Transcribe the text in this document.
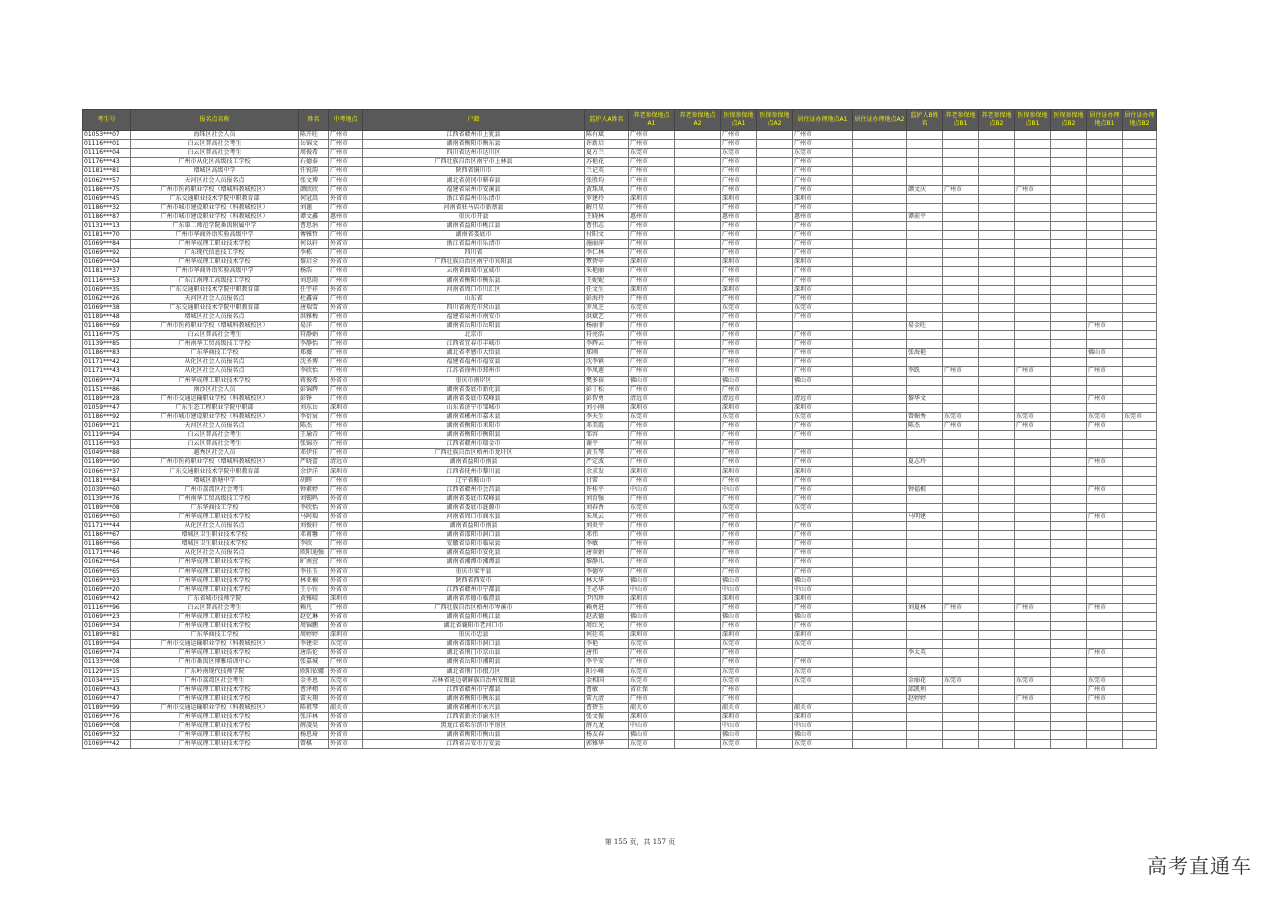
考生号	报名点名称	姓名	中考地点	户籍	监护人A姓名	养老参保地点A1	养老参保地点A2	医保参保地点A1	医保参保地点A2	居住证办理地点A1	居住证办理地点A2	监护人B姓名	养老参保地点B1	养老参保地点B2	医保参保地点B1	医保参保地点B2	居住证办理地点B1	居住证办理地点B2
01053***07	海珠区社会人员	陈开旺	广州市	江西省赣州市上犹县	陈有斌	广州市		广州市		广州市								
01116***01	白云区普高社会考生	岳锦文	广州市	湖南省衡阳市衡东县	许新启	广州市		广州市		广州市								
01116***04	白云区普高社会考生	周俊希	广州市	四川省达州市达川区	夏方兰	东莞市		东莞市		东莞市								
01176***43	广州市从化区高级技工学校	石德泰	广州市	广西壮族自治区南宁市上林县	苏艳花	广州市		广州市		广州市								
01181***81	增城区高级中学	任锐韵	广州市	陕西省铜川市	兰记英	广州市		广州市		广州市								
01062***57	天河区社会人员报名点	张文博	广州市	湖北省黄冈市蕲春县	张胜均	广州市		广州市		广州市								
01186***75	广州市医药职业学校（增城科教城校区）	颜欣欣	广州市	福建省泉州市安溪县	黄珠凤	广州市		广州市		广州市		颜文庆	广州市		广州市			
01069***45	广东交通职业技术学院中职教育部	何冠嵩	外省市	浙江省温州市乐清市	罗建玲	深圳市		深圳市		深圳市								
01186***32	广州市城市建设职业学校（科教城校区）	刘谨	广州市	河南省驻马店市新蔡县	解月星	广州市		广州市		广州市								
01186***87	广州市城市建设职业学校（科教城校区）	谭文鑫	惠州市	重庆市开县	王晓林	惠州市		惠州市		惠州市		谭前平						
01131***13	广东第二师范学院番禺附属中学	曹思涓	广州市	湖南省益阳市桃江县	曹伟志	广州市		广州市		广州市								
01181***70	广州市华商外语实验高级中学	傅雅哲	广州市	湖南省娄底市	付阳文	广州市		广州市		广州市								
01069***84	广州华成理工职业技术学校	何以轩	外省市	浙江省温州市乐清市	施丽萍	广州市		广州市		广州市								
01069***92	广东现代信息技工学校	李栋	广州市	四川省	李仁林	广州市		广州市		广州市								
01069***04	广州华成理工职业技术学校	黎启全	外省市	广西壮族自治区南宁市宾阳县	覃碧申	深圳市		深圳市		深圳市								
01181***37	广州市华商外语实验高级中学	杨浩	广州市	云南省曲靖市宣威市	朱艳丽	广州市		广州市		广州市								
01116***53	广东江南理工高级技工学校	刘思雨	广州市	湖南省衡阳市衡东县	王妮妮	广州市		广州市		广州市								
01069***35	广东交通职业技术学院中职教育部	任宇祥	外省市	河南省周口市川汇区	任文生	深圳市		深圳市		深圳市								
01062***26	天河区社会人员报名点	杜鑫睿	广州市	山东省	彭海玲	广州市		广州市		广州市								
01069***38	广东交通职业技术学院中职教育部	唐瑞雪	外省市	四川省南充市营山县	罗凤芝	东莞市		东莞市		东莞市								
01189***48	增城区社会人员报名点	洪雅梅	广州市	福建省泉州市南安市	洪斌艺	广州市		广州市		广州市								
01186***69	广州市医药职业学校（增城科教城校区）	易洋	广州市	湖南省岳阳市岳阳县	杨丽菲	广州市		广州市				易金旺					广州市	
01116***75	白云区普高社会考生	符静娟	广州市	北京市	符亮浩	广州市		广州市		广州市								
01139***85	广州南华工贸高级技工学校	李静怡	广州市	江西省宜春市丰城市	李辉云	广州市		广州市		广州市								
01186***83	广东华商技工学校	郑薇	广州市	湖北省孝感市大悟县	郑刚	广州市		广州市		广州市		张海艳					佛山市	
01171***42	从化区社会人员报名点	沈圣博	广州市	福建省福州市福安县	沈李镇	广州市		广州市		广州市								
01171***43	从化区社会人员报名点	李欣怡	广州市	江苏省徐州市邳州市	李凤莲	广州市		广州市		广州市		李跃	广州市		广州市		广州市	
01069***74	广州华成理工职业技术学校	蒋俊希	外省市	重庆市南岸区	樊多裕	佛山市		佛山市		佛山市								
01151***86	南沙区社会人员	彭锦辉	广州市	湖南省娄底市新化县	彭丁松	广州市		广州市										
01189***28	广州市交通运输职业学校（科教城校区）	彭铮	广州市	湖南省娄底市双峰县	彭智勇	清远市		清远市		清远市		黎华文					广州市	
01059***47	广东生态工程职业学院中职部	刘东岳	深圳市	山东省济宁市邹城市	刘小刚	深圳市		深圳市		深圳市								
01186***92	广州市城市建设职业学校（科教城校区）	李衍宸	广州市	湖南省郴州市嘉禾县	李天生	东莞市		东莞市		东莞市		曾媚秀	东莞市		东莞市		东莞市	东莞市
01069***21	天河区社会人员报名点	陈杰	广州市	湖南省衡阳市耒阳市	邓美霞	广州市		广州市		广州市		陈杰	广州市		广州市		广州市	
01119***94	白云区普高社会考生	王瑜青	广州市	湖南省衡阳市衡阳县	邹容	广州市		广州市		广州市								
01116***93	白云区普高社会考生	张锦芬	广州市	江西省赣州市瑞金市	谢平	广州市		广州市										
01049***88	越秀区社会人员	邓伊佳	广州市	广西壮族自治区梧州市龙圩区	黄玉琴	广州市		广州市		广州市								
01189***90	广州市医药职业学校（增城科教城校区）	严晓蕾	清远市	湖南省益阳市南县	严定波	广州市		广州市		广州市		夏志玲					广州市	
01066***37	广东交通职业技术学院中职教育部	余伊洋	深圳市	江西省抚州市黎川县	余求发	深圳市		深圳市		深圳市								
01181***84	增城区新塘中学	胡晖	广州市	辽宁省鞍山市	甘雷	广州市		广州市		广州市								
01039***60	广州市荔湾区社会考生	钟素婷	广州市	江西省赣州市会昌县	许桂平	中山市		中山市		广州市		钟福根					广州市	
01139***76	广州南华工贸高级技工学校	刘锡鸣	外省市	湖南省娄底市双峰县	刘育强	广州市		广州市		广州市								
01189***08	广东华商技工学校	李欣怡	外省市	湖南省娄底市涟源市	刘春香	东莞市		东莞市		东莞市								
01069***60	广州华成理工职业技术学校	马阿瑞	外省市	河南省周口市商水县	朱凤云	广州市		广州市				马明建					广州市	
01171***44	从化区社会人员报名点	刘俊轩	广州市	湖南省益阳市南县	刘炎平	广州市		广州市		广州市								
01186***67	增城区卫生职业技术学校	邓甫馨	广州市	湖南省邵阳市洞口县	邓伟	广州市		广州市		广州市								
01186***66	增城区卫生职业技术学校	李欣	广州市	安徽省阜阳市临泉县	李敏	广州市		广州市		广州市								
01171***46	从化区社会人员报名点	欧阳迪强	广州市	湖南省益阳市安化县	唐翠娟	广州市		广州市		广州市								
01062***64	广州华成理工职业技术学校	旷南萱	广州市	湖南省湘潭市湘潭县	黎静儿	广州市		广州市		广州市								
01069***65	广州华成理工职业技术学校	李佳玉	外省市	重庆市梁平县	李德军	广州市		广州市		广州市								
01069***93	广州华成理工职业技术学校	林亚楠	外省市	陕西省西安市	林大华	佛山市		佛山市		佛山市								
01069***20	广州华成理工职业技术学校	王小钰	外省市	江西省赣州市宁都县	王必华	中山市		中山市		中山市								
01069***42	广东省城市技师学院	黄雅晴	深圳市	湖南省常德市临澧县	尹四珍	深圳市		深圳市		深圳市								
01116***96	白云区普高社会考生	赖凡	广州市	广西壮族自治区梧州市岑溪市	赖勇进	广州市		广州市		广州市		刘夏林	广州市		广州市		广州市	
01069***23	广州华成理工职业技术学校	赵忆琳	外省市	湖南省益阳市桃江县	赵武德	佛山市		佛山市		佛山市								
01069***34	广州华成理工职业技术学校	周锦鹏	外省市	湖北省襄阳市老河口市	周红光	广州市		广州市		广州市								
01189***81	广东华商技工学校	周婷婷	深圳市	重庆市忠县	何廷英	深圳市		深圳市		深圳市								
01189***94	广州市交通运输职业学校（科教城校区）	李建荣	东莞市	湖南省邵阳市洞口县	李艳	东莞市		东莞市		东莞市								
01069***74	广州华成理工职业技术学校	唐浩伦	外省市	湖北省荆门市京山县	唐伟	广州市		广州市				李太英					广州市	
01133***08	广州市番禺区博雅培训中心	张嘉城	广州市	湖南省岳阳市湘阴县	李平安	广州市		广州市		广州市								
01129***15	广东岭南现代技师学院	欧阳依娜	外省市	湖北省荆门市掇刀区	阳小峰	东莞市		东莞市		东莞市								
01034***15	广州市荔湾区社会考生	金圣恩	东莞市	吉林省延边朝鲜族自治州安图县	金相国	东莞市		东莞市		东莞市		金丽花	东莞市		东莞市		东莞市	
01069***43	广州华成理工职业技术学校	曹泽栩	外省市	江西省赣州市宁都县	曹敏	省社保		广州市				邱凯利					广州市	
01069***47	广州华成理工职业技术学校	雷天翔	外省市	湖南省衡阳市衡东县	雷九清	广州市		广州市				赵婷婷			广州市		广州市	
01189***99	广州市交通运输职业学校（科教城校区）	陈祖琴	韶关市	湖南省郴州市永兴县	曹碧玉	韶关市		韶关市		韶关市								
01069***76	广州华成理工职业技术学校	张洋林	外省市	江西省新余市渝水区	张文振	深圳市		深圳市		深圳市								
01069***08	广州华成理工职业技术学校	薛凌昊	外省市	黑龙江省哈尔滨市平房区	薛九龙	中山市		中山市		中山市								
01069***32	广州华成理工职业技术学校	杨思琦	外省市	湖南省衡阳市衡山县	杨友春	佛山市		佛山市		佛山市								
01069***42	广州华成理工职业技术学校	曾棋	外省市	江西省吉安市万安县	郭雅华	东莞市		东莞市		东莞市								
第 155 页，共 157 页
高考直通车
